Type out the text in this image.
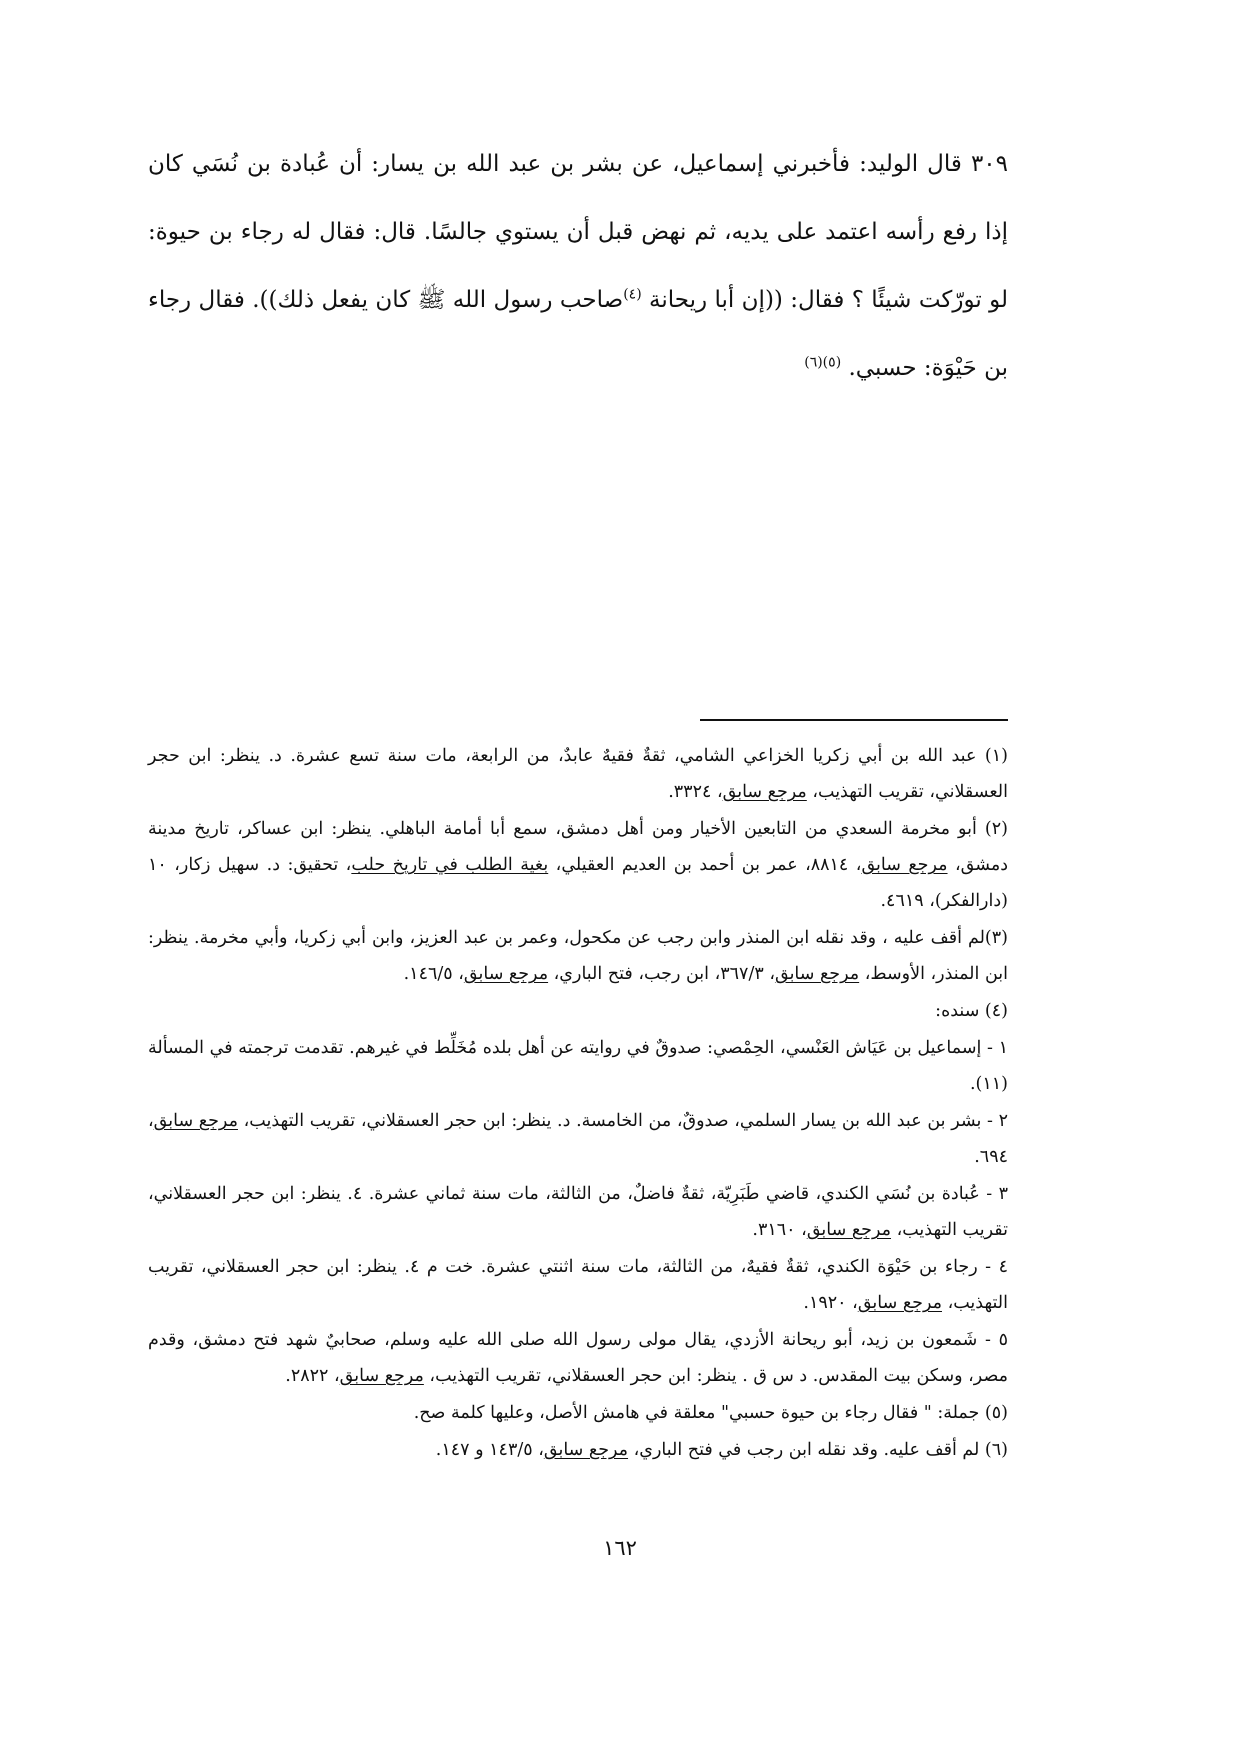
٣٠٩ قال الوليد: فأخبرني إسماعيل، عن بشر بن عبد الله بن يسار: أن عُبادة بن نُسَي كان إذا رفع رأسه اعتمد على يديه، ثم نهض قبل أن يستوي جالسًا. قال: فقال له رجاء بن حيوة: لو تورّكت شيئًا ؟ فقال: ((إن أبا ريحانة $^{(٤)}$صاحب رسول الله ﷺ كان يفعل ذلك)). فقال رجاء بن حَيْوَة: حسبي. $^{(٥)(٦)}$

(١) عبد الله بن أبي زكريا الخزاعي الشامي، ثقةٌ فقيهٌ عابدٌ، من الرابعة، مات سنة تسع عشرة. د. ينظر: ابن حجر العسقلاني، تقريب التهذيب، مرجع سابق، ٣٣٢٤.

(٢) أبو مخرمة السعدي من التابعين الأخيار ومن أهل دمشق، سمع أبا أمامة الباهلي. ينظر: ابن عساكر، تاريخ مدينة دمشق، مرجع سابق، ٨٨١٤، عمر بن أحمد بن العديم العقيلي، بغية الطلب في تاريخ حلب، تحقيق: د. سهيل زكار، ١٠ (دارالفكر)، ٤٦١٩.

(٣)لم أقف عليه ، وقد نقله ابن المنذر وابن رجب عن مكحول، وعمر بن عبد العزيز، وابن أبي زكريا، وأبي مخرمة. ينظر: ابن المنذر، الأوسط، مرجع سابق، ٣٦٧/٣، ابن رجب، فتح الباري، مرجع سابق، ١٤٦/٥.

(٤) سنده:

١ - إسماعيل بن عَيَاش العَنْسي، الحِمْصي: صدوقٌ في روايته عن أهل بلده مُخَلِّط في غيرهم. تقدمت ترجمته في المسألة (١١).

٢ - بشر بن عبد الله بن يسار السلمي، صدوقٌ، من الخامسة. د. ينظر: ابن حجر العسقلاني، تقريب التهذيب، مرجع سابق، ٦٩٤.

٣ - عُبادة بن نُسَي الكندي، قاضي طَبَرِيّة، ثقةٌ فاضلٌ، من الثالثة، مات سنة ثماني عشرة. ٤. ينظر: ابن حجر العسقلاني، تقريب التهذيب، مرجع سابق، ٣١٦٠.

٤ - رجاء بن حَيْوَة الكندي، ثقةٌ فقيهٌ، من الثالثة، مات سنة اثنتي عشرة. خت م ٤. ينظر: ابن حجر العسقلاني، تقريب التهذيب، مرجع سابق، ١٩٢٠.

٥ - شَمعون بن زيد، أبو ريحانة الأزدي، يقال مولى رسول الله صلى الله عليه وسلم، صحابيٌ شهد فتح دمشق، وقدم مصر، وسكن بيت المقدس. د س ق . ينظر: ابن حجر العسقلاني، تقريب التهذيب، مرجع سابق، ٢٨٢٢.

(٥) جملة: " فقال رجاء بن حيوة حسبي" معلقة في هامش الأصل، وعليها كلمة صح.

(٦) لم أقف عليه. وقد نقله ابن رجب في فتح الباري، مرجع سابق، ١٤٣/٥ و ١٤٧.

١٦٢
